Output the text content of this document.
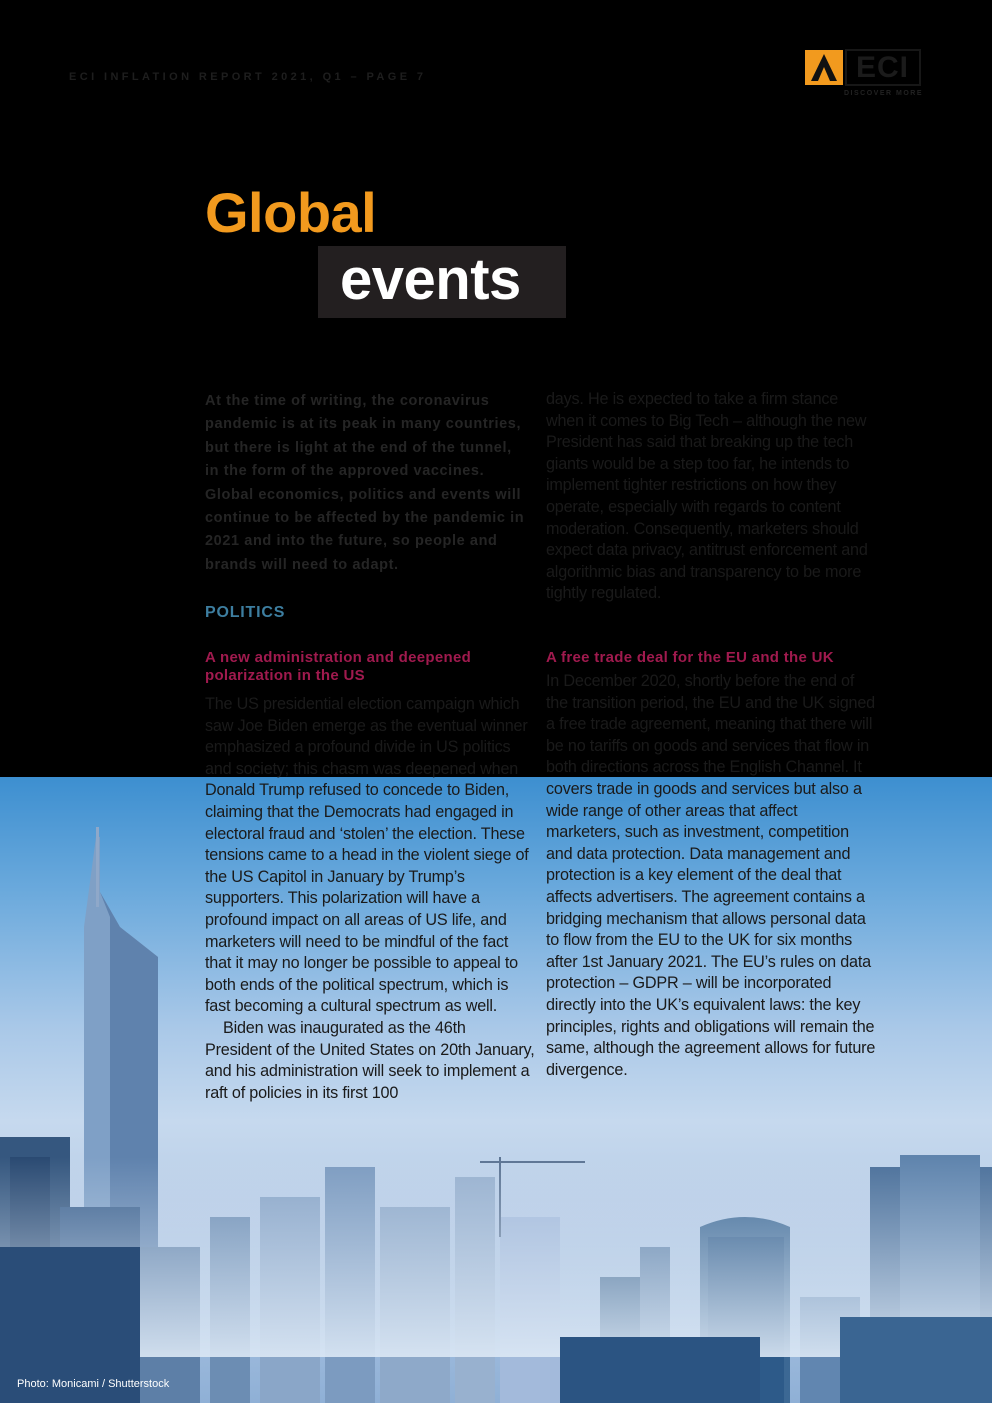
ECI INFLATION REPORT 2021, Q1 – PAGE 7	ECI
DISCOVER MORE
Global
events
At the time of writing, the coronavirus pandemic is at its peak in many countries, but there is light at the end of the tunnel, in the form of the approved vaccines. Global economics, politics and events will continue to be affected by the pandemic in 2021 and into the future, so people and brands will need to adapt.
POLITICS
A new administration and deepened polarization in the US

The US presidential election campaign which saw Joe Biden emerge as the eventual winner emphasized a profound divide in US politics and society; this chasm was deepened when Donald Trump refused to concede to Biden, claiming that the Democrats had engaged in electoral fraud and ‘stolen’ the election. These tensions came to a head in the violent siege of the US Capitol in January by Trump’s supporters. This polarization will have a profound impact on all areas of US life, and marketers will need to be mindful of the fact that it may no longer be possible to appeal to both ends of the political spectrum, which is fast becoming a cultural spectrum as well.

Biden was inaugurated as the 46th President of the United States on 20th January, and his administration will seek to implement a raft of policies in its first 100

days. He is expected to take a firm stance when it comes to Big Tech – although the new President has said that breaking up the tech giants would be a step too far, he intends to implement tighter restrictions on how they operate, especially with regards to content moderation. Consequently, marketers should expect data privacy, antitrust enforcement and algorithmic bias and transparency to be more tightly regulated.

A free trade deal for the EU and the UK

In December 2020, shortly before the end of the transition period, the EU and the UK signed a free trade agreement, meaning that there will be no tariffs on goods and services that flow in both directions across the English Channel. It covers trade in goods and services but also a wide range of other areas that affect marketers, such as investment, competition and data protection. Data management and protection is a key element of the deal that affects advertisers. The agreement contains a bridging mechanism that allows personal data to flow from the EU to the UK for six months after 1st January 2021. The EU’s rules on data protection – GDPR – will be incorporated directly into the UK’s equivalent laws: the key principles, rights and obligations will remain the same, although the agreement allows for future divergence.

Photo: Monicami / Shutterstock
